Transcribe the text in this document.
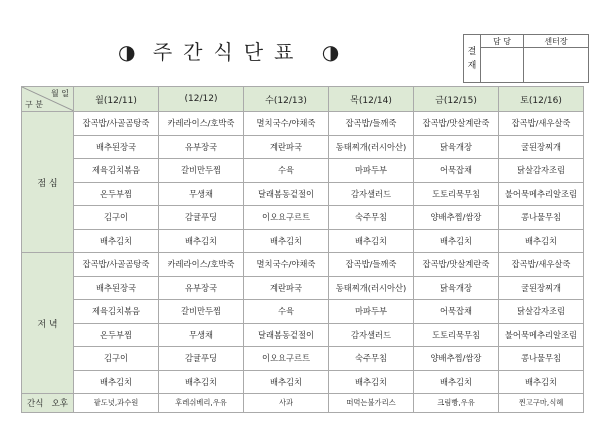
◑ 주간식단표 ◑	결재	담 당	센터장

월 일
구 분	월(12/11)	(12/12)	수(12/13)	목(12/14)	금(12/15)	토(12/16)
점 심	잡곡밥/사골곰탕죽	카레라이스/호박죽	멸치국수/야채죽	잡곡밥/들깨죽	잡곡밥/맛살계란죽	잡곡밥/새우살죽
	배추된장국	유부장국	계란파국	동태찌개(러시아산)	닭육개장	굴된장찌개
	제육김치볶음	갈비만두찜	수육	마파두부	어묵잡채	닭살감자조림
	온두부찜	무생채	달래봄동겉절이	감자샐러드	도토리묵무침	불어묵메추리알조림
	김구이	감귤푸딩	이오요구르트	숙주무침	양배추찜/쌈장	콩나물무침
	배추김치	배추김치	배추김치	배추김치	배추김치	배추김치
저 녁	잡곡밥/사골곰탕죽	카레라이스/호박죽	멸치국수/야채죽	잡곡밥/들깨죽	잡곡밥/맛살계란죽	잡곡밥/새우살죽
	배추된장국	유부장국	계란파국	동태찌개(러시아산)	닭육개장	굴된장찌개
	제육김치볶음	갈비만두찜	수육	마파두부	어묵잡채	닭살감자조림
	온두부찜	무생채	달래봄동겉절이	감자샐러드	도토리묵무침	불어묵메추리알조림
	김구이	감귤푸딩	이오요구르트	숙주무침	양배추찜/쌈장	콩나물무침
	배추김치	배추김치	배추김치	배추김치	배추김치	배추김치

간식 오후	팥도넛,과수원	후레쉬베리,우유	사과	떠먹는불가리스	크림빵,우유	찐고구마,식혜
